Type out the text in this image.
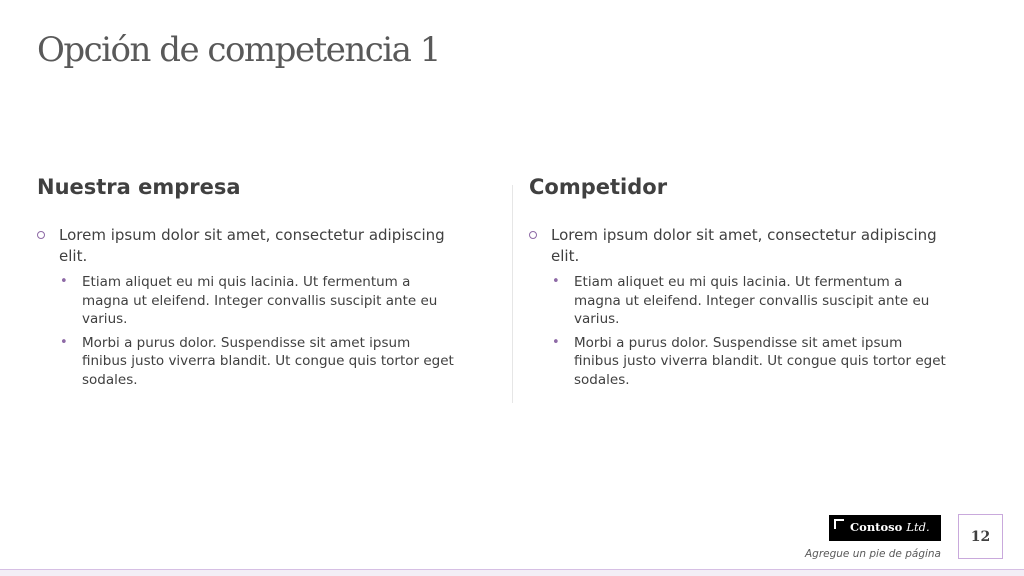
Opción de competencia 1
Nuestra empresa
Lorem ipsum dolor sit amet, consectetur adipiscing elit.
• Etiam aliquet eu mi quis lacinia. Ut fermentum a magna ut eleifend. Integer convallis suscipit ante eu varius.
• Morbi a purus dolor. Suspendisse sit amet ipsum finibus justo viverra blandit. Ut congue quis tortor eget sodales.
Competidor
Lorem ipsum dolor sit amet, consectetur adipiscing elit.
• Etiam aliquet eu mi quis lacinia. Ut fermentum a magna ut eleifend. Integer convallis suscipit ante eu varius.
• Morbi a purus dolor. Suspendisse sit amet ipsum finibus justo viverra blandit. Ut congue quis tortor eget sodales.
Contoso Ltd.
Agregue un pie de página
12
